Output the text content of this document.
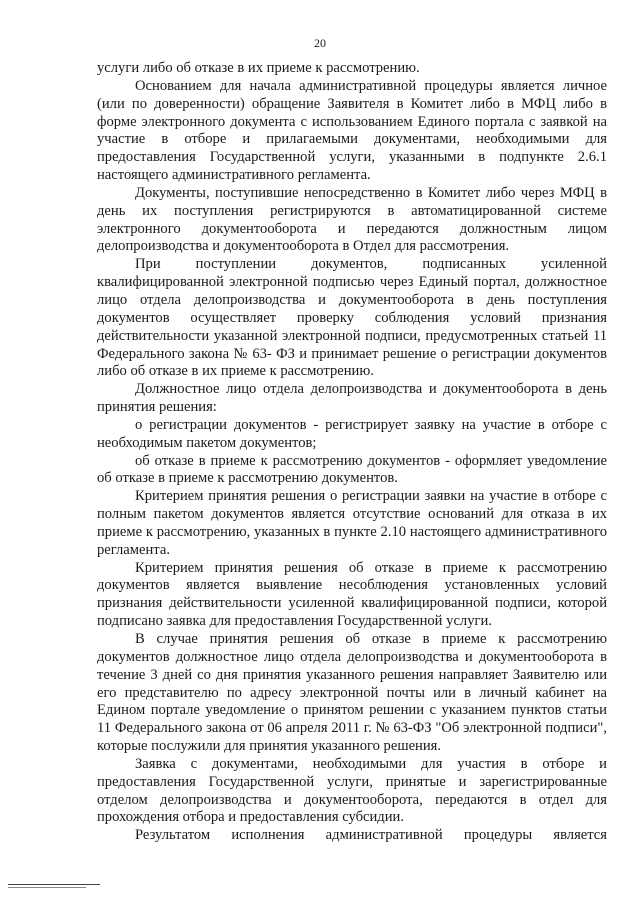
20

услуги либо об отказе в их приеме к рассмотрению.

Основанием для начала административной процедуры является личное (или по доверенности) обращение Заявителя в Комитет либо в МФЦ либо в форме электронного документа с использованием Единого портала с заявкой на участие в отборе и прилагаемыми документами, необходимыми для предоставления Государственной услуги, указанными в подпункте 2.6.1 настоящего административного регламента.

Документы, поступившие непосредственно в Комитет либо через МФЦ в день их поступления регистрируются в автоматицированной системе электронного документооборота и передаются должностным лицом делопроизводства и документооборота в Отдел для рассмотрения.

При поступлении документов, подписанных усиленной квалифицированной электронной подписью через Единый портал, должностное лицо отдела делопроизводства и документооборота в день поступления документов осуществляет проверку соблюдения условий признания действительности указанной электронной подписи, предусмотренных статьей 11 Федерального закона № 63- ФЗ и принимает решение о регистрации документов либо об отказе в их приеме к рассмотрению.

Должностное лицо отдела делопроизводства и документооборота в день принятия решения:

о регистрации документов - регистрирует заявку на участие в отборе с необходимым пакетом документов;

об отказе в приеме к рассмотрению документов - оформляет уведомление об отказе в приеме к рассмотрению документов.

Критерием принятия решения о регистрации заявки на участие в отборе с полным пакетом документов является отсутствие оснований для отказа в их приеме к рассмотрению, указанных в пункте 2.10 настоящего административного регламента.

Критерием принятия решения об отказе в приеме к рассмотрению документов является выявление несоблюдения установленных условий признания действительности усиленной квалифицированной подписи, которой подписано заявка для предоставления Государственной услуги.

В случае принятия решения об отказе в приеме к рассмотрению документов должностное лицо отдела делопроизводства и документооборота в течение 3 дней со дня принятия указанного решения направляет Заявителю или его представителю по адресу электронной почты или в личный кабинет на Едином портале уведомление о принятом решении с указанием пунктов статьи 11 Федерального закона от 06 апреля 2011 г. № 63-ФЗ "Об электронной подписи", которые послужили для принятия указанного решения.

Заявка с документами, необходимыми для участия в отборе и предоставления Государственной услуги, принятые и зарегистрированные отделом делопроизводства и документооборота, передаются в отдел для прохождения отбора и предоставления субсидии.

Результатом исполнения административной процедуры является
